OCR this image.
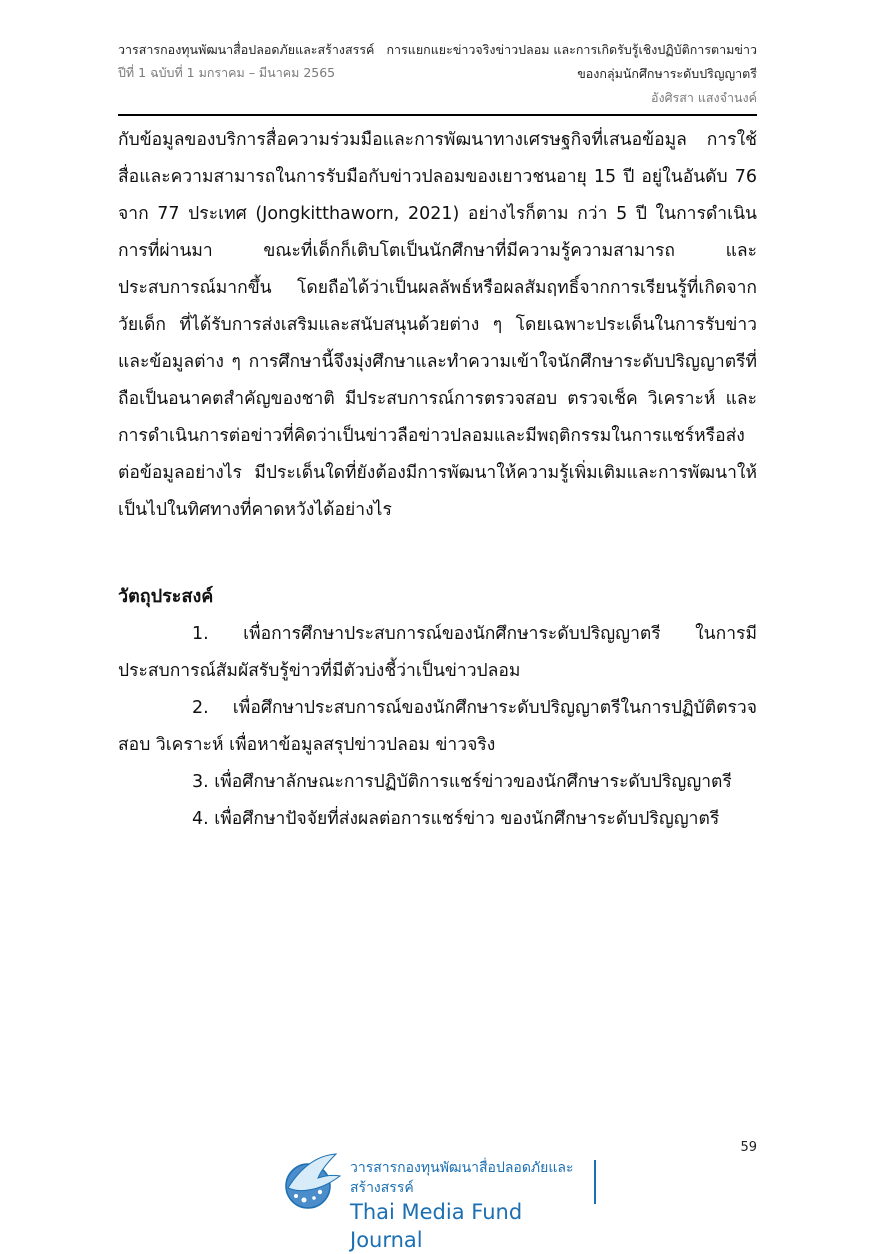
วารสารกองทุนพัฒนาสื่อปลอดภัยและสร้างสรรค์
ปีที่ 1 ฉบับที่ 1 มกราคม – มีนาคม 2565
การแยกแยะข่าวจริงข่าวปลอม และการเกิดรับรู้เชิงปฏิบัติการตามข่าว
ของกลุ่มนักศึกษาระดับปริญญาตรี
อังศิรสา แสงจำนงค์

กับข้อมูลของบริการสื่อความร่วมมือและการพัฒนาทางเศรษฐกิจที่เสนอข้อมูล การใช้สื่อและความสามารถในการรับมือกับข่าวปลอมของเยาวชนอายุ 15 ปี อยู่ในอันดับ 76 จาก 77 ประเทศ (Jongkitthaworn, 2021) อย่างไรก็ตาม กว่า 5 ปี ในการดำเนินการที่ผ่านมา ขณะที่เด็กก็เติบโตเป็นนักศึกษาที่มีความรู้ความสามารถ และประสบการณ์มากขึ้น โดยถือได้ว่าเป็นผลลัพธ์หรือผลสัมฤทธิ์จากการเรียนรู้ที่เกิดจากวัยเด็ก ที่ได้รับการส่งเสริมและสนับสนุนด้วยต่าง ๆ โดยเฉพาะประเด็นในการรับข่าวและข้อมูลต่าง ๆ การศึกษานี้จึงมุ่งศึกษาและทำความเข้าใจนักศึกษาระดับปริญญาตรีที่ถือเป็นอนาคตสำคัญของชาติ มีประสบการณ์การตรวจสอบ ตรวจเช็ค วิเคราะห์ และการดำเนินการต่อข่าวที่คิดว่าเป็นข่าวลือข่าวปลอมและมีพฤติกรรมในการแชร์หรือส่งต่อข้อมูลอย่างไร มีประเด็นใดที่ยังต้องมีการพัฒนาให้ความรู้เพิ่มเติมและการพัฒนาให้เป็นไปในทิศทางที่คาดหวังได้อย่างไร

วัตถุประสงค์
1. เพื่อการศึกษาประสบการณ์ของนักศึกษาระดับปริญญาตรี ในการมีประสบการณ์สัมผัสรับรู้ข่าวที่มีตัวบ่งชี้ว่าเป็นข่าวปลอม
2. เพื่อศึกษาประสบการณ์ของนักศึกษาระดับปริญญาตรีในการปฏิบัติตรวจสอบ วิเคราะห์ เพื่อหาข้อมูลสรุปข่าวปลอม ข่าวจริง
3. เพื่อศึกษาลักษณะการปฏิบัติการแชร์ข่าวของนักศึกษาระดับปริญญาตรี
4. เพื่อศึกษาปัจจัยที่ส่งผลต่อการแชร์ข่าว ของนักศึกษาระดับปริญญาตรี
59
วารสารกองทุนพัฒนาสื่อปลอดภัยและสร้างสรรค์
Thai Media Fund Journal
